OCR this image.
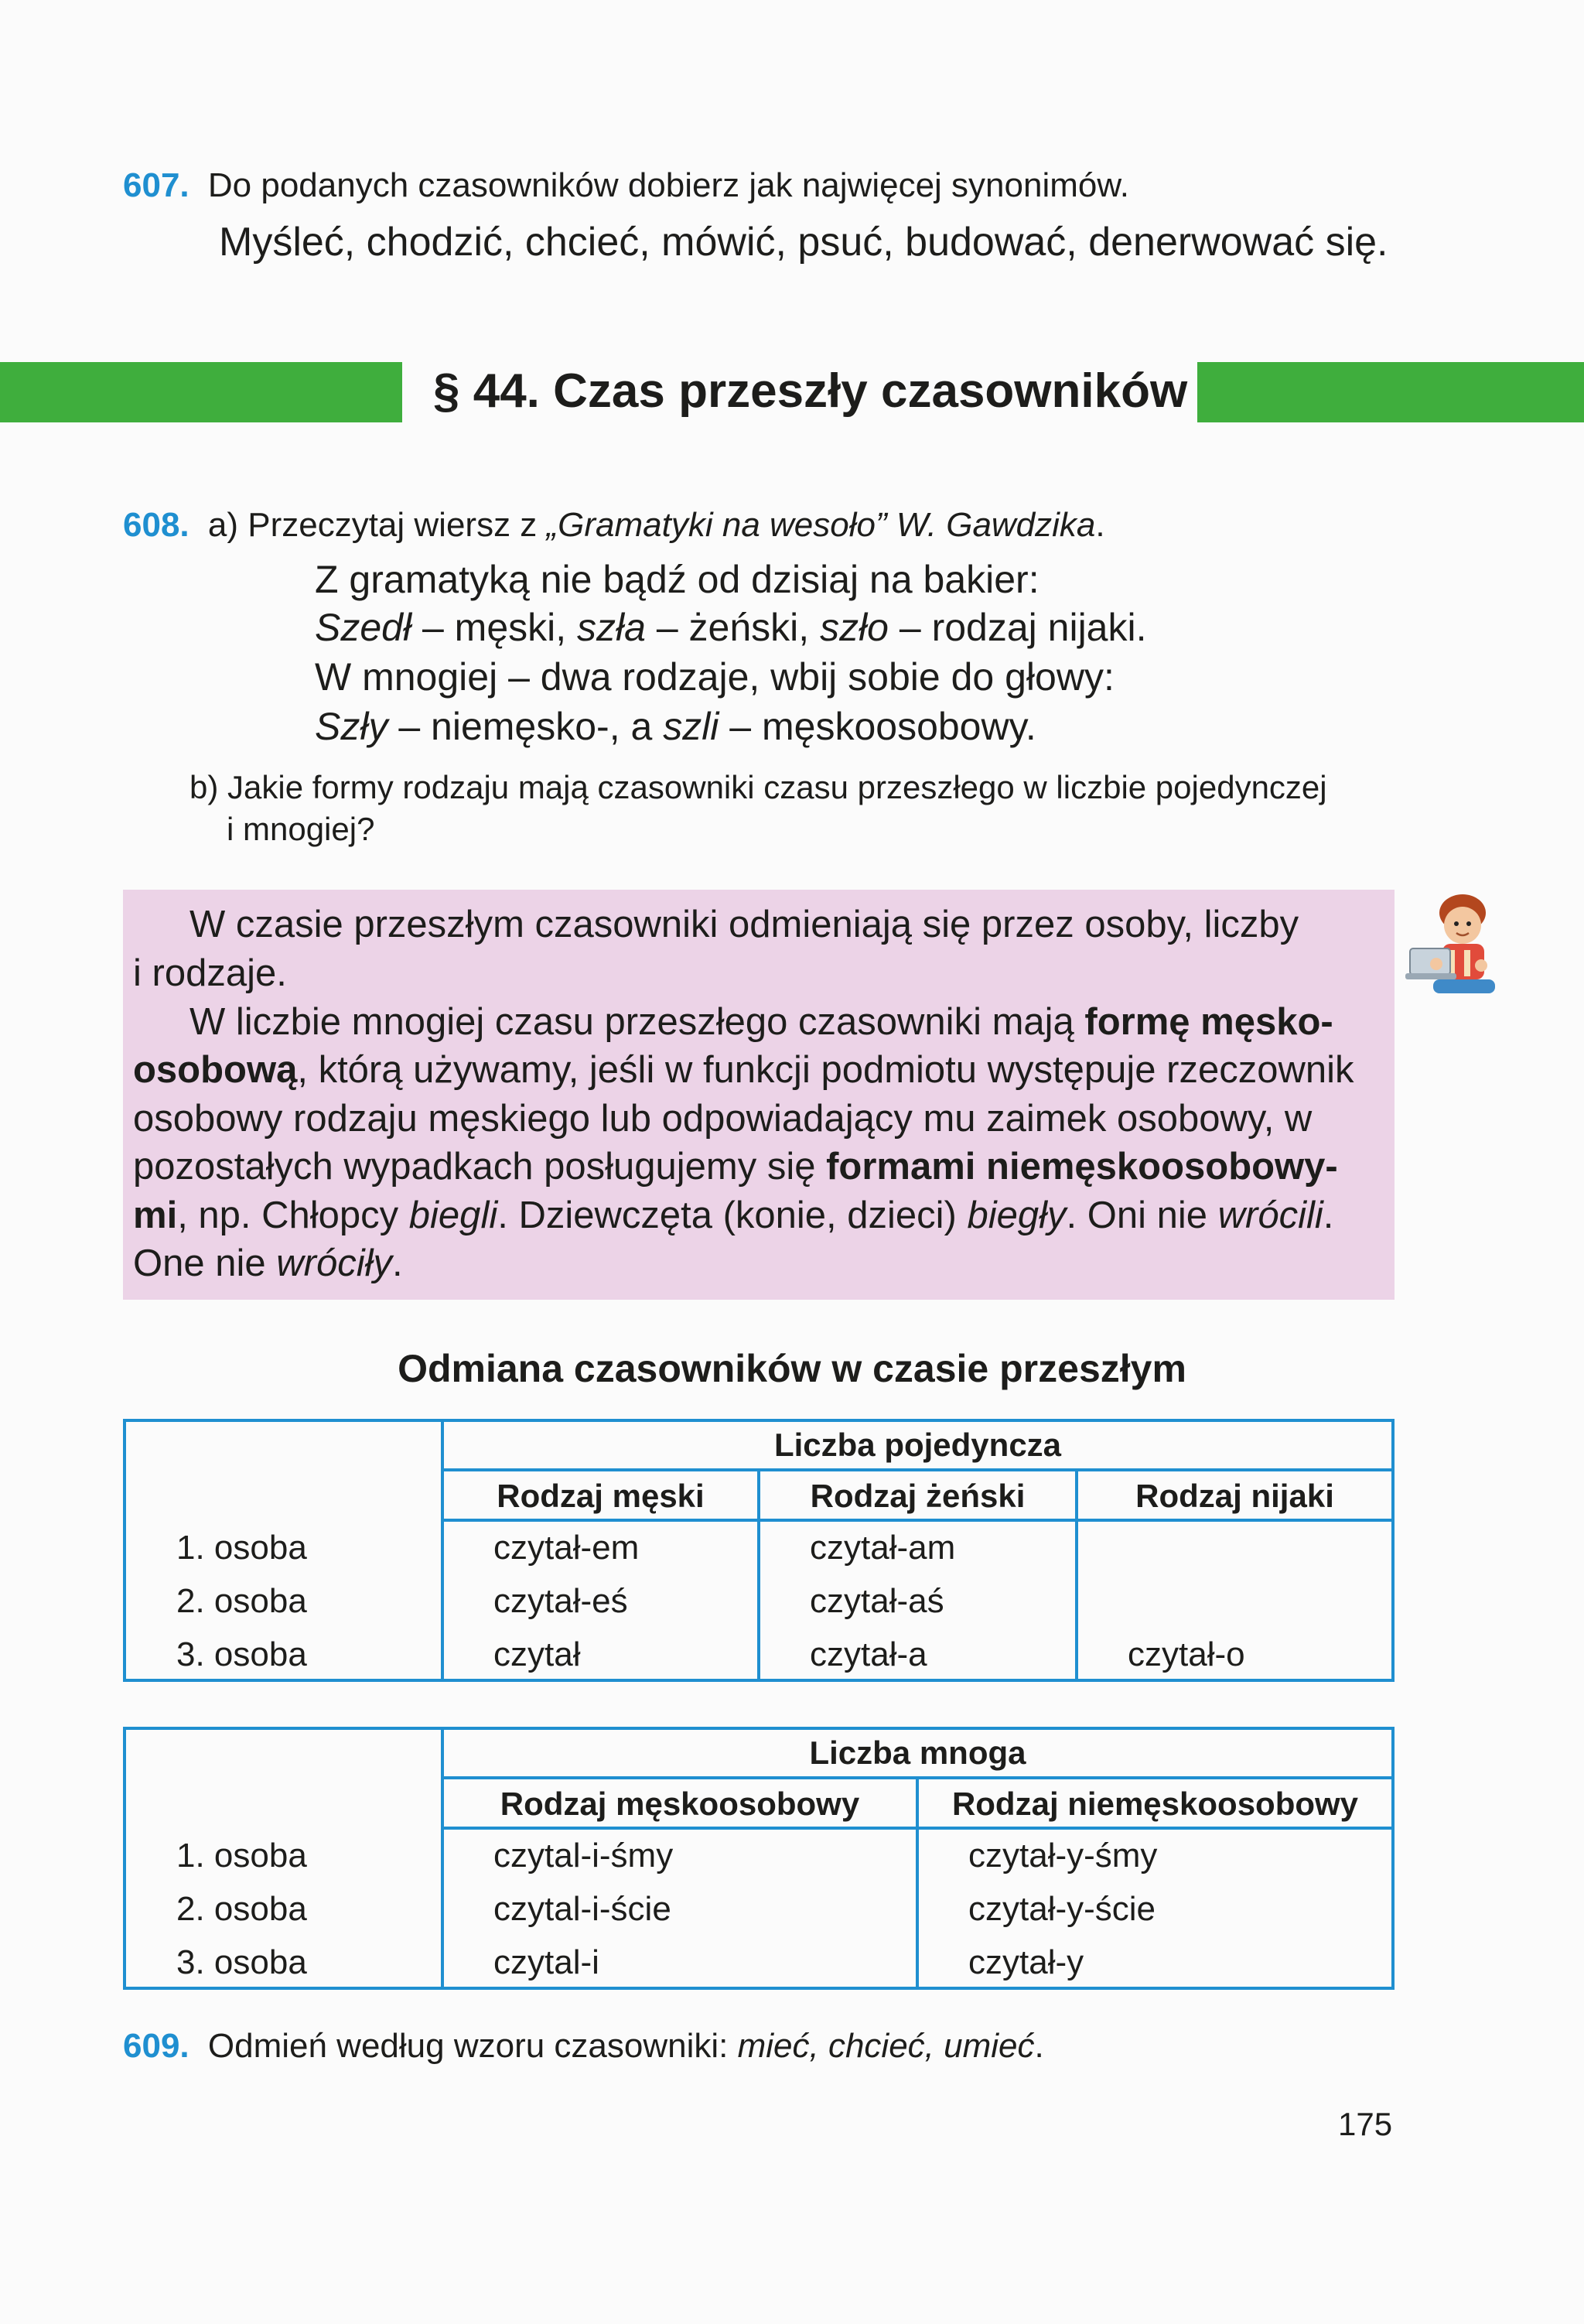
607. Do podanych czasowników dobierz jak najwięcej synonimów.
Myśleć, chodzić, chcieć, mówić, psuć, budować, denerwować się.
§ 44. Czas przeszły czasowników
608. a) Przeczytaj wiersz z „Gramatyki na wesoło” W. Gawdzika.
Z gramatyką nie bądź od dzisiaj na bakier:
Szedł – męski, szła – żeński, szło – rodzaj nijaki.
W mnogiej – dwa rodzaje, wbij sobie do głowy:
Szły – niemęsko-, a szli – męskoosobowy.
b) Jakie formy rodzaju mają czasowniki czasu przeszłego w liczbie pojedynczej
i mnogiej?
W czasie przeszłym czasowniki odmieniają się przez osoby, liczby
i rodzaje.
W liczbie mnogiej czasu przeszłego czasowniki mają formę męsko-
osobową, którą używamy, jeśli w funkcji podmiotu występuje rzeczownik
osobowy rodzaju męskiego lub odpowiadający mu zaimek osobowy, w
pozostałych wypadkach posługujemy się formami niemęskoosobowy-
mi, np. Chłopcy biegli. Dziewczęta (konie, dzieci) biegły. Oni nie wrócili.
One nie wróciły.
Odmiana czasowników w czasie przeszłym
Liczba pojedyncza
Rodzaj męski	Rodzaj żeński	Rodzaj nijaki
1. osoba	czytał-em	czytał-am
2. osoba	czytał-eś	czytał-aś
3. osoba	czytał	czytał-a	czytał-o
Liczba mnoga
Rodzaj męskoosobowy	Rodzaj niemęskoosobowy
1. osoba	czytal-i-śmy	czytał-y-śmy
2. osoba	czytal-i-ście	czytał-y-ście
3. osoba	czytal-i	czytał-y
609. Odmień według wzoru czasowniki: mieć, chcieć, umieć.
175
